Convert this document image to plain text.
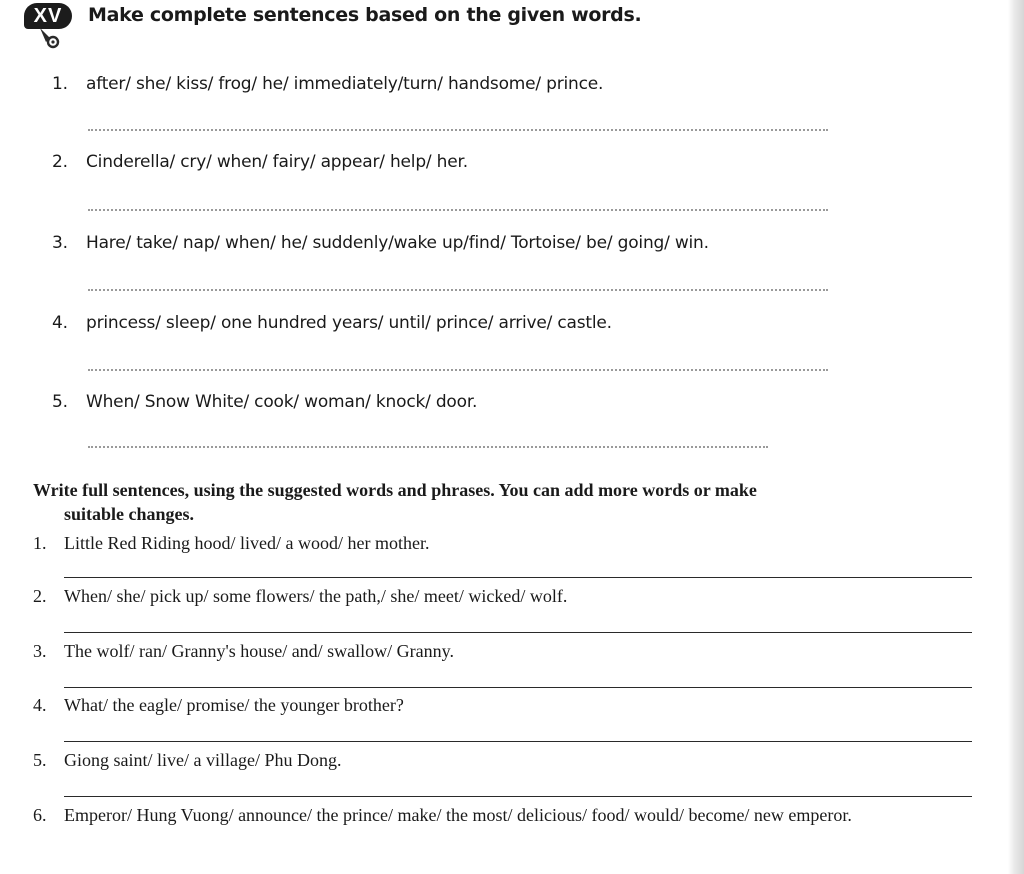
XV	Make complete sentences based on the given words.
1. after/ she/ kiss/ frog/ he/ immediately/turn/ handsome/ prince.
2. Cinderella/ cry/ when/ fairy/ appear/ help/ her.
3. Hare/ take/ nap/ when/ he/ suddenly/wake up/find/ Tortoise/ be/ going/ win.
4. princess/ sleep/ one hundred years/ until/ prince/ arrive/ castle.
5. When/ Snow White/ cook/ woman/ knock/ door.
Write full sentences, using the suggested words and phrases. You can add more words or make
suitable changes.
1. Little Red Riding hood/ lived/ a wood/ her mother.
2. When/ she/ pick up/ some flowers/ the path,/ she/ meet/ wicked/ wolf.
3. The wolf/ ran/ Granny's house/ and/ swallow/ Granny.
4. What/ the eagle/ promise/ the younger brother?
5. Giong saint/ live/ a village/ Phu Dong.
6. Emperor/ Hung Vuong/ announce/ the prince/ make/ the most/ delicious/ food/ would/ become/ new emperor.
